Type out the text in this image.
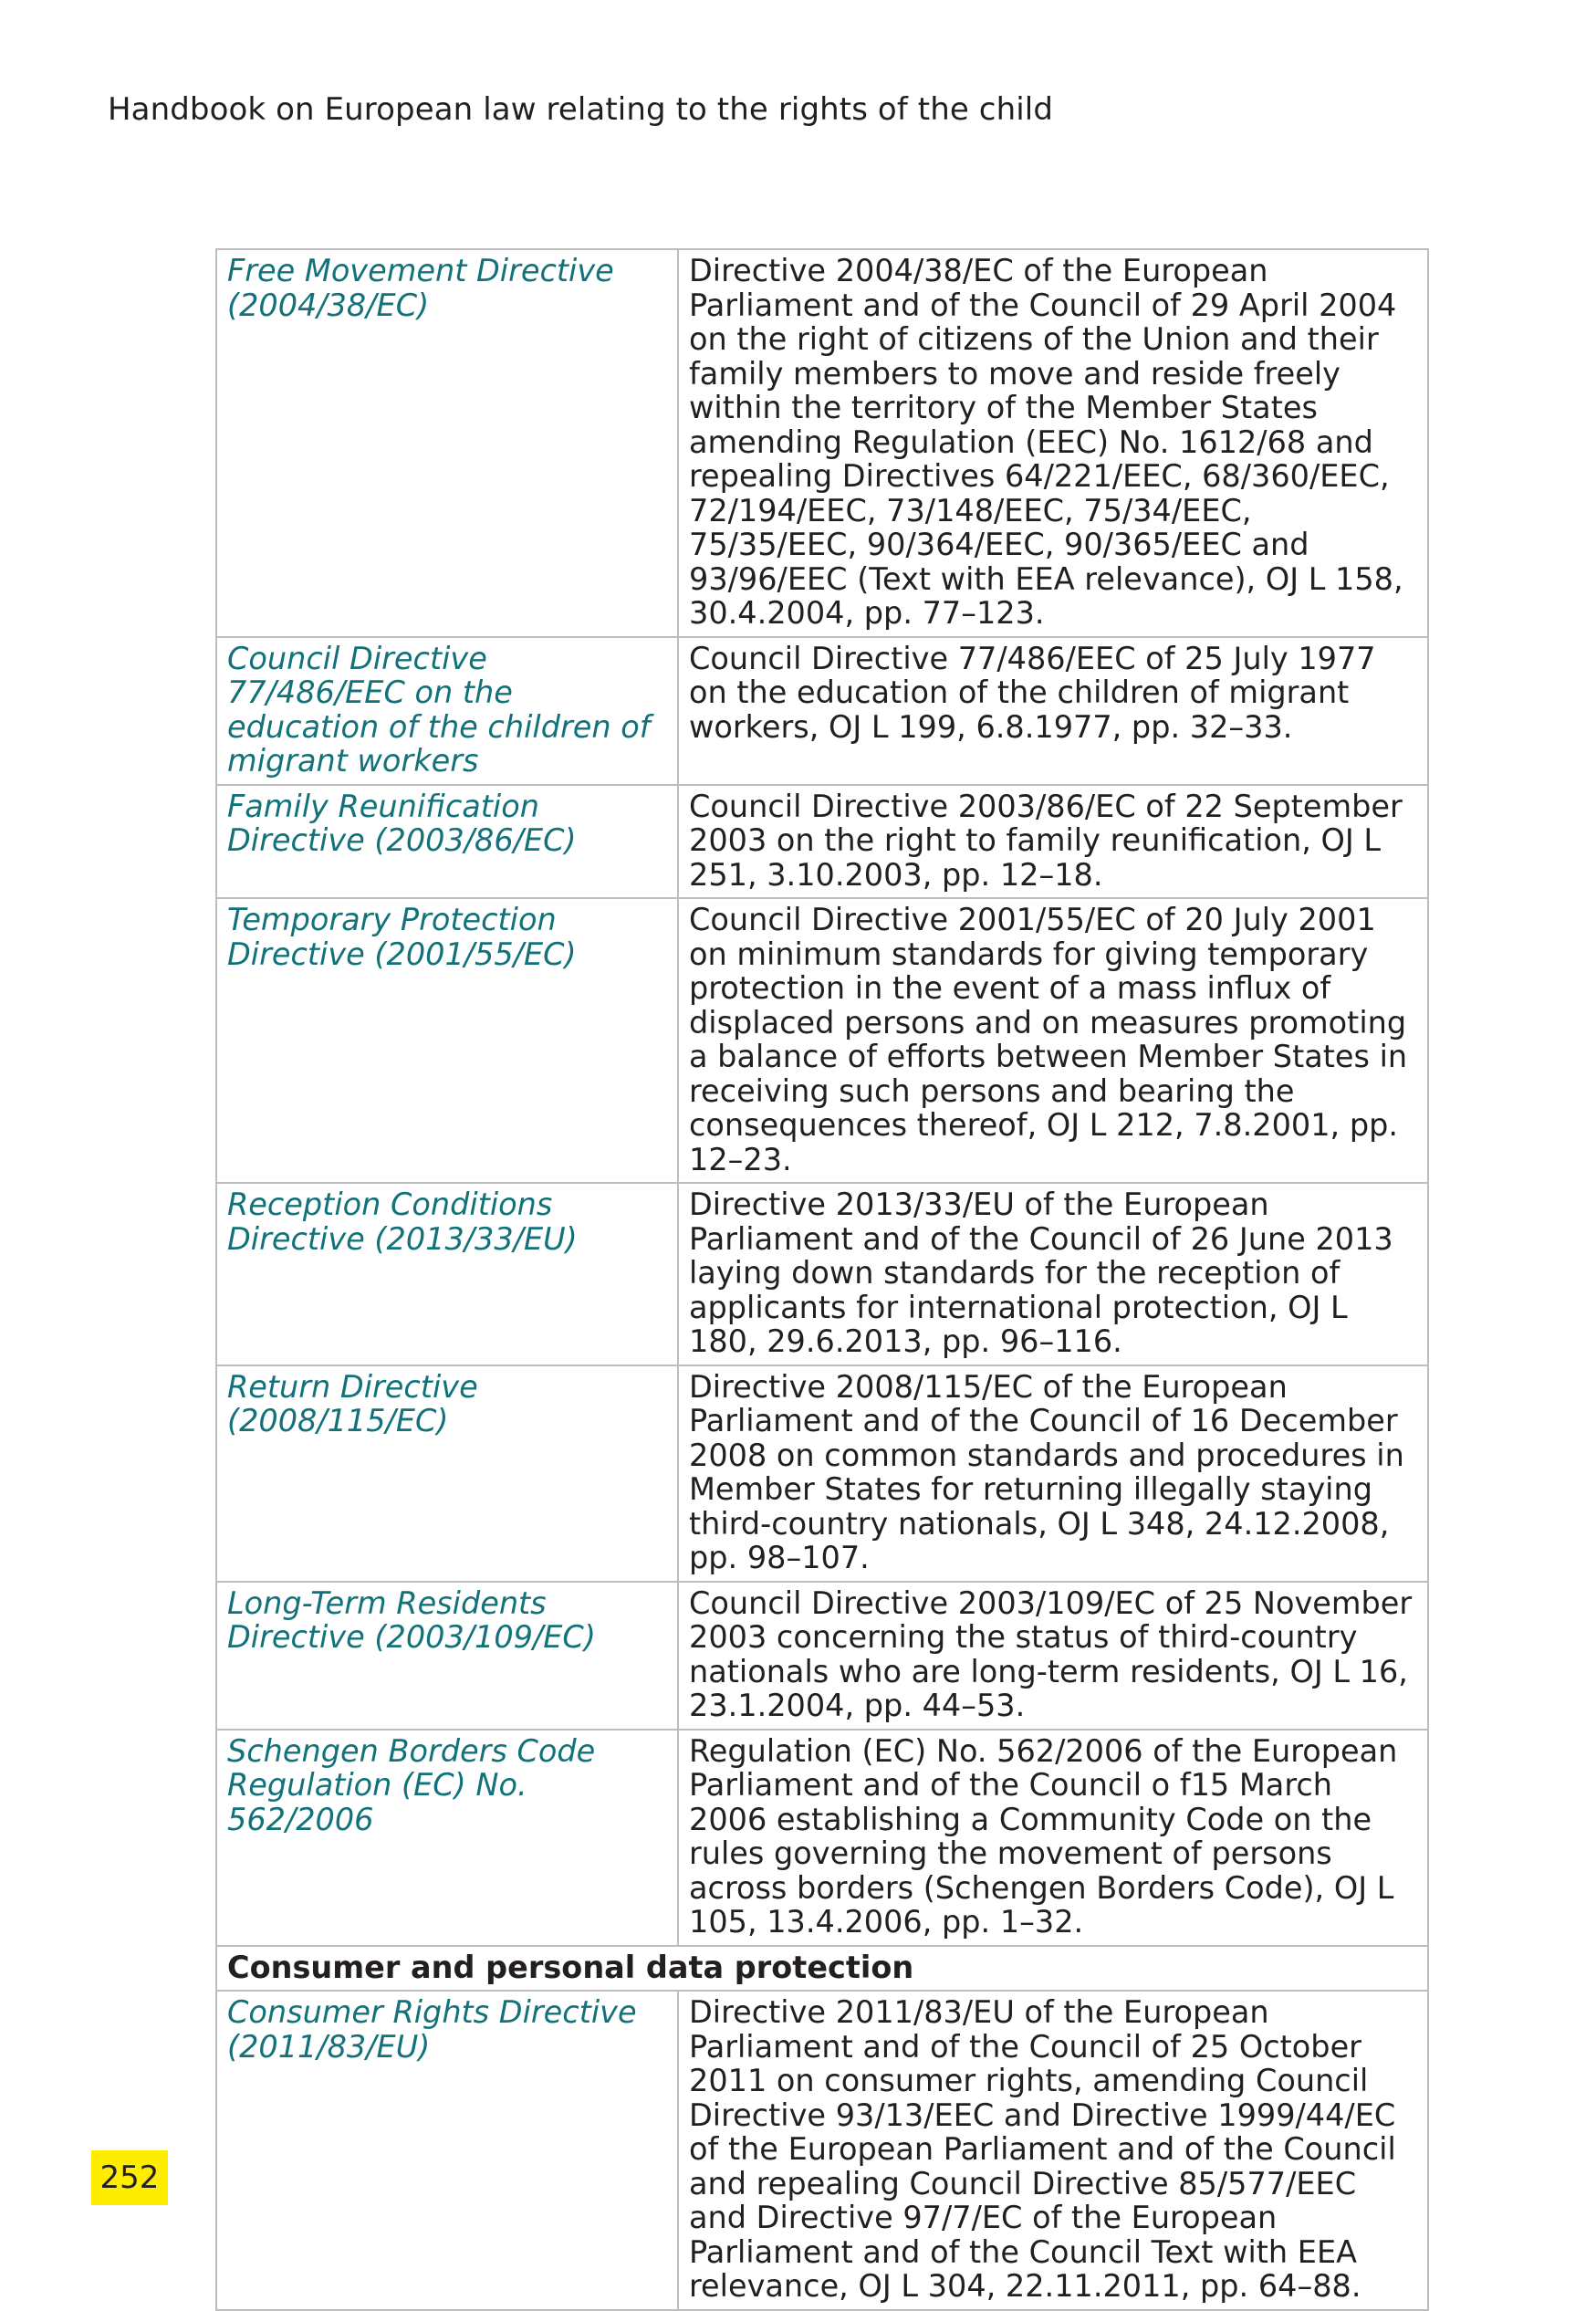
Handbook on European law relating to the rights of the child
Free Movement Directive (2004/38/EC)	Directive 2004/38/EC of the European Parliament and of the Council of 29 April 2004 on the right of citizens of the Union and their family members to move and reside freely within the territory of the Member States amending Regulation (EEC) No. 1612/68 and repealing Directives 64/221/EEC, 68/360/EEC, 72/194/EEC, 73/148/EEC, 75/34/EEC, 75/35/EEC, 90/364/EEC, 90/365/EEC and 93/96/EEC (Text with EEA relevance), OJ L 158, 30.4.2004, pp. 77–123.
Council Directive 77/486/EEC on the education of the children of migrant workers	Council Directive 77/486/EEC of 25 July 1977 on the education of the children of migrant workers, OJ L 199, 6.8.1977, pp. 32–33.
Family Reunification Directive (2003/86/EC)	Council Directive 2003/86/EC of 22 September 2003 on the right to family reunification, OJ L 251, 3.10.2003, pp. 12–18.
Temporary Protection Directive (2001/55/EC)	Council Directive 2001/55/EC of 20 July 2001 on minimum standards for giving temporary protection in the event of a mass influx of displaced persons and on measures promoting a balance of efforts between Member States in receiving such persons and bearing the consequences thereof, OJ L 212, 7.8.2001, pp. 12–23.
Reception Conditions Directive (2013/33/EU)	Directive 2013/33/EU of the European Parliament and of the Council of 26 June 2013 laying down standards for the reception of applicants for international protection, OJ L 180, 29.6.2013, pp. 96–116.
Return Directive (2008/115/EC)	Directive 2008/115/EC of the European Parliament and of the Council of 16 December 2008 on common standards and procedures in Member States for returning illegally staying third-country nationals, OJ L 348, 24.12.2008, pp. 98–107.
Long-Term Residents Directive (2003/109/EC)	Council Directive 2003/109/EC of 25 November 2003 concerning the status of third-country nationals who are long-term residents, OJ L 16, 23.1.2004, pp. 44–53.
Schengen Borders Code Regulation (EC) No. 562/2006	Regulation (EC) No. 562/2006 of the European Parliament and of the Council o f15 March 2006 establishing a Community Code on the rules governing the movement of persons across borders (Schengen Borders Code), OJ L 105, 13.4.2006, pp. 1–32.
Consumer and personal data protection	
Consumer Rights Directive (2011/83/EU)	Directive 2011/83/EU of the European Parliament and of the Council of 25 October 2011 on consumer rights, amending Council Directive 93/13/EEC and Directive 1999/44/EC of the European Parliament and of the Council and repealing Council Directive 85/577/EEC and Directive 97/7/EC of the European Parliament and of the Council Text with EEA relevance, OJ L 304, 22.11.2011, pp. 64–88.
252
